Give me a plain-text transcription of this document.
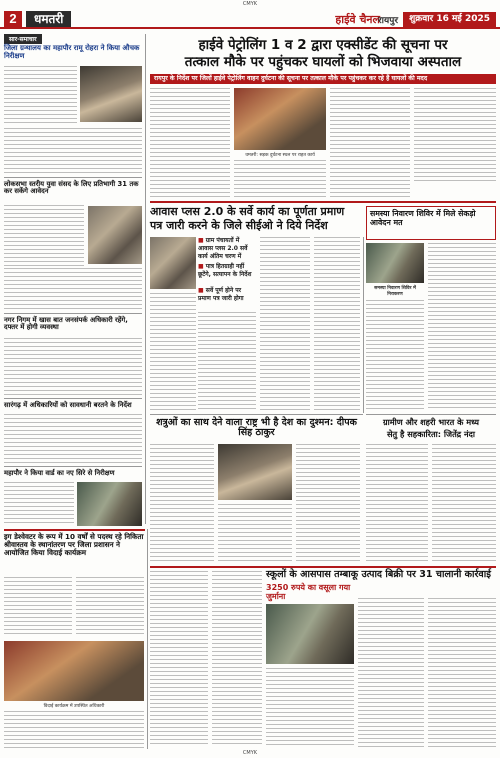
CMYK
2	धमतरी	हाईवे चैनल
रायपुर	शुक्रवार 16 मई 2025
सार-समाचार
जिला ग्रन्थालय का महापौर रामू रोहरा ने किया औचक निरीक्षण
लोकसभा स्तरीय युवा संसद के लिए प्रतिभागी 31 तक कर सकेंगे आवेदन
नगर निगम में खास बात जनसंपर्क अधिकारी रहेंगे, दफ्तर में होगी व्यवस्था
सारंगढ़ में अधिकारियों को सावधानी बरतने के निर्देश
महापौर ने किया वार्ड का नए सिरे से निरीक्षण
हाईवे पेट्रोलिंग 1 व 2 द्वारा एक्सीडेंट की सूचना पर
तत्काल मौके पर पहुंचकर घायलों को भिजवाया अस्पताल
रायपुर के निर्देश पर जिलों हाईवे पेट्रोलिंग वाहन दुर्घटना की सूचना पर तत्काल मौके पर पहुंचकर कर रहे हैं घायलों की मदद
धमतरी: सड़क दुर्घटना स्थल पर राहत कार्य
आवास प्लस 2.0 के सर्वे कार्य का पूर्णता प्रमाण
पत्र जारी करने के जिले सीईओ ने दिये निर्देश
■ ग्राम पंचायतों में आवास प्लस 2.0 सर्वे कार्य अंतिम चरण में
■ पात्र हितग्राही नहीं छूटेंगे, सत्यापन के निर्देश
■ सर्वे पूर्ण होने पर प्रमाण पत्र जारी होगा
शत्रुओं का साथ देने वाला राष्ट्र भी है देश का दुश्मन: दीपक सिंह ठाकुर
समस्या निवारण शिविर में मिले सेकड़ो आवेदन मत
समस्या निवारण शिविर में निराकरण
ग्रामीण और शहरी भारत के मध्य
सेतु है सहकारिता: जितेंद्र नंदा
इग डेश्वेवटर के रूप में 10 वर्षों से पदस्थ रहे निकिता श्रीवास्तव के स्थानांतरण पर जिला प्रशासन ने आयोजित किया विदाई कार्यक्रम
विदाई कार्यक्रम में उपस्थित अधिकारी
स्कूलों के आसपास तम्बाकू उत्पाद बिक्री पर 31 चालानी कार्रवाई
3250 रुपये का वसूला गया जुर्माना
CMYK
